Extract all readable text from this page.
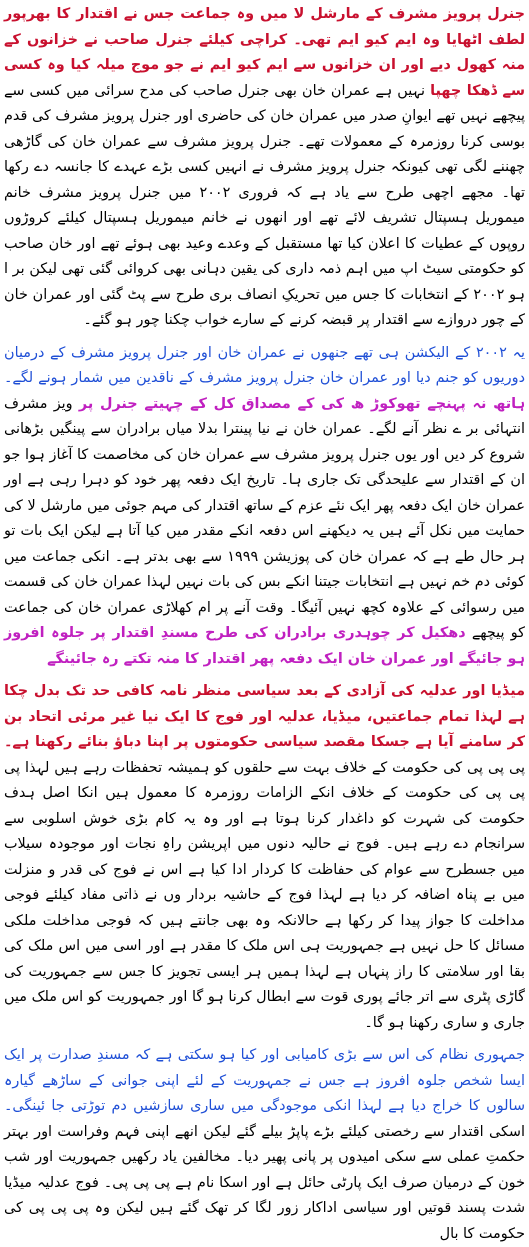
جنرل پرویز مشرف کے مارشل لا میں وہ جماعت جس نے اقتدار کا بھرپور لطف اٹھایا وہ ایم کیو ایم تھی۔ کراچی کیلئے جنرل صاحب نے خزانوں کے منہ کھول دیے اور ان خزانوں سے ایم کیو ایم نے جو موج میلہ کیا وہ کسی سے ڈھکا چھپا نہیں ہے عمران خان بھی جنرل صاحب کی مدح سرائی میں کسی سے پیچھے نہیں تھے ایوانِ صدر میں عمران خان کی حاضری اور جنرل پرویز مشرف کی قدم بوسی کرنا روزمرہ کے معمولات تھے۔ جنرل پرویز مشرف سے عمران خان کی گاڑھی چھننے لگی تھی کیونکہ جنرل پرویز مشرف نے انہیں کسی بڑے عہدے کا جانسہ دے رکھا تھا۔ مجھے اچھی طرح سے یاد ہے کہ فروری ۲۰۰۲ میں جنرل پرویز مشرف خانم میموریل ہسپتال تشریف لائے تھے اور انھوں نے خانم میموریل ہسپتال کیلئے کروڑوں روپوں کے عطیات کا اعلان کیا تھا مستقبل کے وعدے وعید بھی ہوئے تھے اور خان صاحب کو حکومتی سیٹ اپ میں اہم ذمہ داری کی یقین دہانی بھی کروائی گئی تھی لیکن بر ا ہو ۲۰۰۲ کے انتخابات کا جس میں تحریکِ انصاف بری طرح سے پٹ گئی اور عمران خان کے چور دروازے سے اقتدار پر قبضہ کرنے کے سارے خواب چکنا چور ہو گئے۔

یہ ۲۰۰۲ کے الیکشن ہی تھے جنھوں نے عمران خان اور جنرل پرویز مشرف کے درمیان دوریوں کو جنم دیا اور عمران خان جنرل پرویز مشرف کے ناقدین میں شمار ہونے لگے۔ ہاتھ نہ پہنچے تھوکوڑ ھ کی کے مصداق کل کے چہیتے جنرل پر ویز مشرف انتہائی بر ے نظر آنے لگے۔ عمران خان نے نیا پینترا بدلا میاں برادران سے پینگیں بڑھانی شروع کر دیں اور یوں جنرل پرویز مشرف سے عمران خان کی مخاصمت کا آغاز ہوا جو ان کے اقتدار سے علیحدگی تک جاری ہا۔ تاریخ ایک دفعہ پھر خود کو دہرا رہی ہے اور عمران خان ایک دفعہ پھر ایک نئے عزم کے ساتھ اقتدار کی مہم جوئی میں مارشل لا کی حمایت میں نکل آئے ہیں یہ دیکھنے اس دفعہ انکے مقدر میں کیا آتا ہے لیکن ایک بات تو ہر حال طے ہے کہ عمران خان کی پوزیشن ۱۹۹۹ سے بھی بدتر ہے۔ انکی جماعت میں کوئی دم خم نہیں ہے انتخابات جیتنا انکے بس کی بات نہیں لہذا عمران خان کی قسمت میں رسوائی کے علاوہ کچھ نہیں آئیگا۔ وقت آنے پر ام کھلاڑی عمران خان کی جماعت کو پیچھے دھکیل کر چوہدری برادران کی طرح مسندِ اقتدار پر جلوہ افروز ہو جائیگے اور عمران خان ایک دفعہ پھر اقتدار کا منہ تکتے رہ جائینگے

میڈیا اور عدلیہ کی آزادی کے بعد سیاسی منظر نامہ کافی حد تک بدل چکا ہے لہذا تمام جماعتیں، میڈیا، عدلیہ اور فوج کا ایک نیا غیر مرئی اتحاد بن کر سامنے آیا ہے جسکا مقصد سیاسی حکومتوں پر اپنا دباؤ بنائے رکھنا ہے۔ پی پی پی کی حکومت کے خلاف بہت سے حلقوں کو ہمیشہ تحفظات رہے ہیں لہذا پی پی پی کی حکومت کے خلاف انکے الزامات روزمرہ کا معمول ہیں انکا اصل ہدف حکومت کی شہرت کو داغدار کرنا ہوتا ہے اور وہ یہ کام بڑی خوش اسلوبی سے سرانجام دے رہے ہیں۔ فوج نے حالیہ دنوں میں اپریشن راہِ نجات اور موجودہ سیلاب میں جسطرح سے عوام کی حفاظت کا کردار ادا کیا ہے اس نے فوج کی قدر و منزلت میں بے پناہ اضافہ کر دیا ہے لہذا فوج کے حاشیہ بردار وں نے ذاتی مفاد کیلئے فوجی مداخلت کا جواز پیدا کر رکھا ہے حالانکہ وہ بھی جانتے ہیں کہ فوجی مداخلت ملکی مسائل کا حل نہیں ہے جمہوریت ہی اس ملک کا مقدر ہے اور اسی میں اس ملک کی بقا اور سلامتی کا راز پنہاں ہے لہذا ہمیں ہر ایسی تجویز کا جس سے جمہوریت کی گاڑی پٹری سے اتر جائے پوری قوت سے ابطال کرنا ہو گا اور جمہوریت کو اس ملک میں جاری و ساری رکھنا ہو گا۔

جمہوری نظام کی اس سے بڑی کامیابی اور کیا ہو سکتی ہے کہ مسندِ صدارت پر ایک ایسا شخص جلوہ افروز ہے جس نے جمہوریت کے لئے اپنی جوانی کے ساڑھے گیارہ سالوں کا خراج دیا ہے لہذا انکی موجودگی میں ساری سازشیں دم توڑتی جا ئینگی۔ اسکی اقتدار سے رخصتی کیلئے بڑے پاپڑ بیلے گئے لیکن انھے اپنی فہم وفراست اور بہتر حکمتِ عملی سے سکی امیدوں پر پانی پھیر دیا۔ مخالفین یاد رکھیں جمہوریت اور شب خون کے درمیان صرف ایک پارٹی حائل ہے اور اسکا نام ہے پی پی پی۔ فوج عدلیہ میڈیا شدت پسند قوتیں اور سیاسی اداکار زور لگا کر تھک گئے ہیں لیکن وہ پی پی پی کی حکومت کا بال
